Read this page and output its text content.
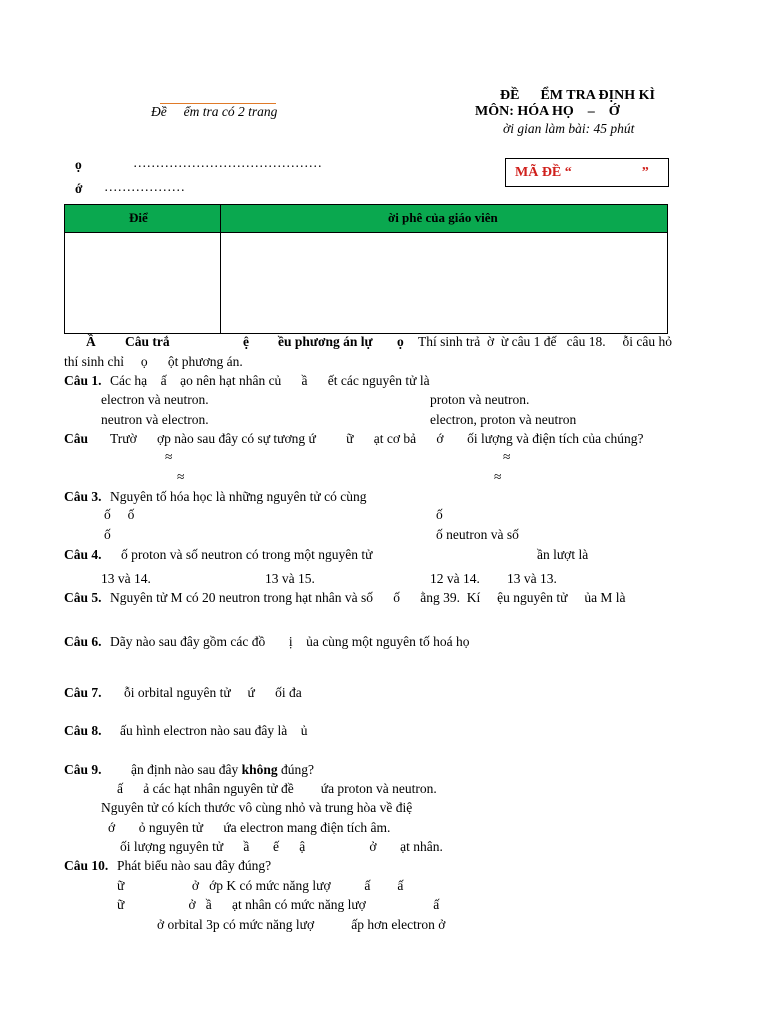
Đề     ểm tra có 2 trang
ĐỀ      ỂM TRA ĐỊNH KÌ
MÔN: HÓA HỌ    –    Ớ
ời gian làm bài: 45 phút
ọ	……………………………………
ớ ………………
MÃ ĐỀ “                    ”
Điể	ời phê của giáo viên
Ầ Câu trắ	ệ ều phương án lự ọ Thí sinh trả  ờ  ừ câu 1 đế   câu 18.     ỗi câu hỏ
thí sinh chỉ     ọ      ột phương án.
Câu 1. Các hạ    ấ    ạo nên hạt nhân củ      ầ      ết các nguyên tử là
electron và neutron.	proton và neutron.
neutron và electron.	electron, proton và neutron
Câu Trườ      ợp nào sau đây có sự tương ứ         ữ      ạt cơ bả      ớ       ối lượng và điện tích của chúng?
≈	≈
≈	≈
Câu 3. Nguyên tố hóa học là những nguyên tử có cùng
ố     ố	ố
ố	ố neutron và số
Câu 4. ố proton và số neutron có trong một nguyên tử	ần lượt là
13 và 14.	13 và 15.	12 và 14. 13 và 13.
Câu 5. Nguyên tử M có 20 neutron trong hạt nhân và số      ố      ằng 39.  Kí     ệu nguyên tử     ủa M là
Câu 6. Dãy nào sau đây gồm các đồ       ị    ủa cùng một nguyên tố hoá họ
Câu 7. ỗi orbital nguyên tử     ứ      ối đa
Câu 8. ấu hình electron nào sau đây là    ủ
Câu 9. ận định nào sau đây không đúng?
ấ      ả các hạt nhân nguyên tử đề        ứa proton và neutron.
Nguyên tử có kích thước vô cùng nhỏ và trung hòa về điệ
ớ       ỏ nguyên tử      ứa electron mang điện tích âm.
ối lượng nguyên tử      ầ       ế      ậ                   ở       ạt nhân.
Câu 10. Phát biểu nào sau đây đúng?
ữ                    ở   ớp K có mức năng lượ          ấ        ấ
ữ                   ở   ầ      ạt nhân có mức năng lượ                    ấ
ở orbital 3p có mức năng lượ           ấp hơn electron ở
